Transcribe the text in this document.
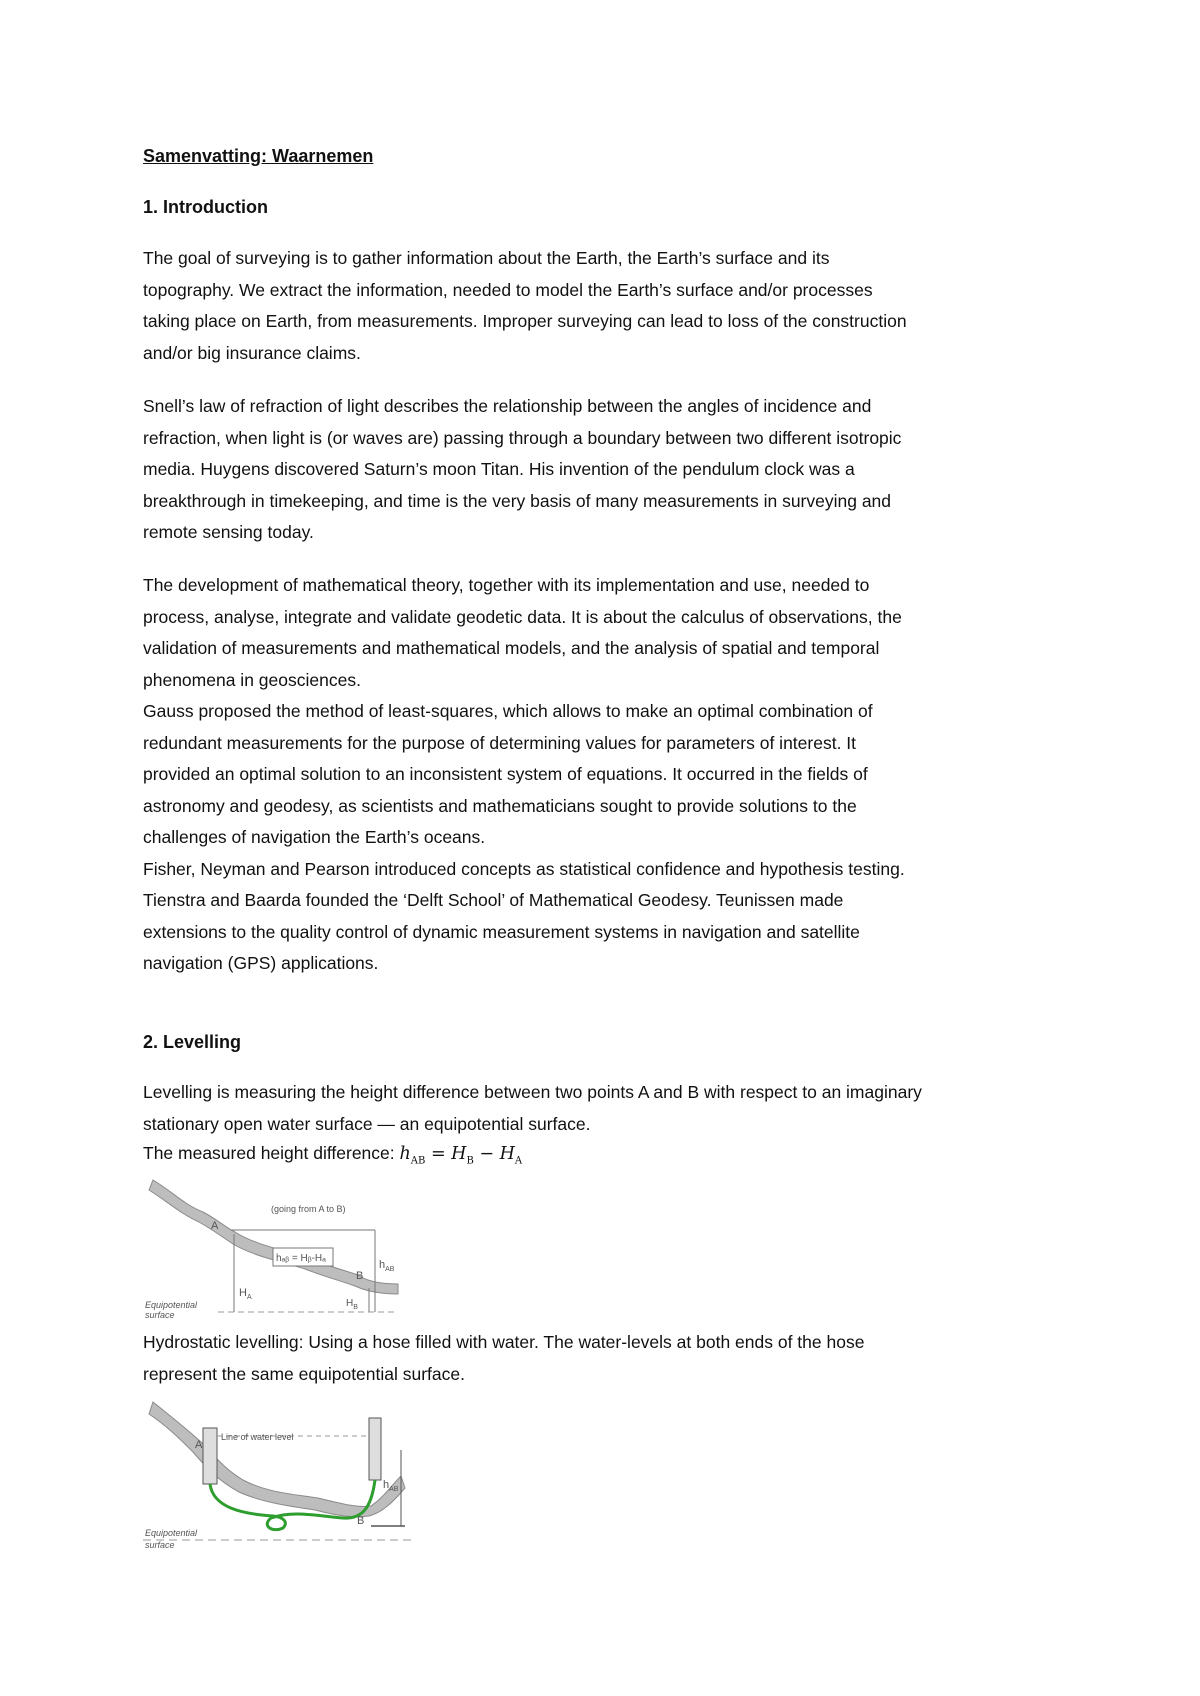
Samenvatting: Waarnemen

1. Introduction

The goal of surveying is to gather information about the Earth, the Earth’s surface and its
topography. We extract the information, needed to model the Earth’s surface and/or processes
taking place on Earth, from measurements. Improper surveying can lead to loss of the construction
and/or big insurance claims.

Snell’s law of refraction of light describes the relationship between the angles of incidence and
refraction, when light is (or waves are) passing through a boundary between two different isotropic
media. Huygens discovered Saturn’s moon Titan. His invention of the pendulum clock was a
breakthrough in timekeeping, and time is the very basis of many measurements in surveying and
remote sensing today.

The development of mathematical theory, together with its implementation and use, needed to
process, analyse, integrate and validate geodetic data. It is about the calculus of observations, the
validation of measurements and mathematical models, and the analysis of spatial and temporal
phenomena in geosciences.
Gauss proposed the method of least-squares, which allows to make an optimal combination of
redundant measurements for the purpose of determining values for parameters of interest. It
provided an optimal solution to an inconsistent system of equations. It occurred in the fields of
astronomy and geodesy, as scientists and mathematicians sought to provide solutions to the
challenges of navigation the Earth’s oceans.
Fisher, Neyman and Pearson introduced concepts as statistical confidence and hypothesis testing.
Tienstra and Baarda founded the ‘Delft School’ of Mathematical Geodesy. Teunissen made
extensions to the quality control of dynamic measurement systems in navigation and satellite
navigation (GPS) applications.

2. Levelling

Levelling is measuring the height difference between two points A and B with respect to an imaginary
stationary open water surface — an equipotential surface.

The measured height difference: $h_{AB} = H_B - H_A$

hₐᵦ = Hᵦ-Hₐ
(going from A to B)
A
B
$h_{AB}$
$H_A$
$H_B$
Equipotential
surface

Hydrostatic levelling: Using a hose filled with water. The water-levels at both ends of the hose
represent the same equipotential surface.

Line of water level
A
B
$h_{AB}$
Equipotential
surface
